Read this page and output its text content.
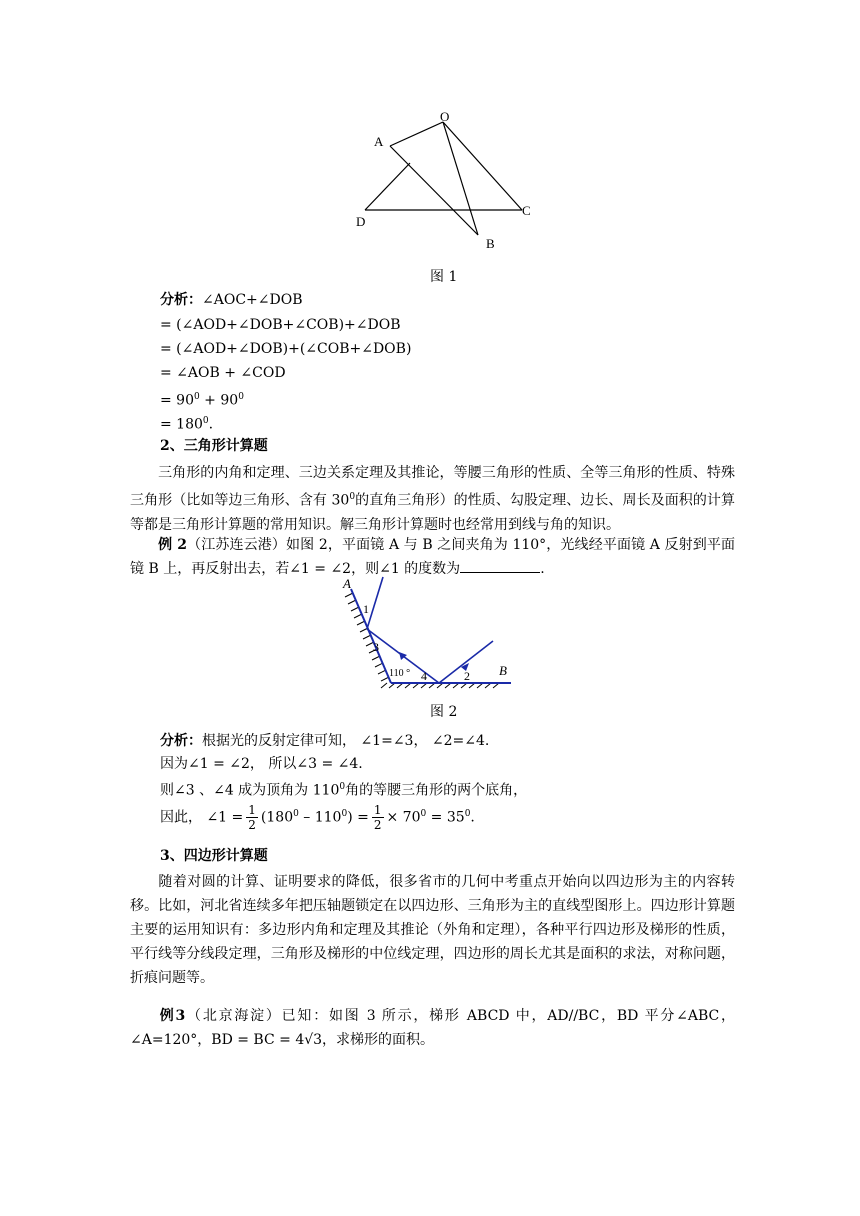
O
A
D
C
B
图 1
分析：∠AOC+∠DOB
= (∠AOD+∠DOB+∠COB)+∠DOB
= (∠AOD+∠DOB)+(∠COB+∠DOB)
= ∠AOB + ∠COD
= $90^0 + 90^0$
= $180^0$.
2、三角形计算题
三角形的内角和定理、三边关系定理及其推论，等腰三角形的性质、全等三角形的性质、特殊三角形（比如等边三角形、含有 $30^0$的直角三角形）的性质、勾股定理、边长、周长及面积的计算等都是三角形计算题的常用知识。解三角形计算题时也经常用到线与角的知识。
例 2（江苏连云港）如图 2，平面镜 A 与 B 之间夹角为 110°，光线经平面镜 A 反射到平面镜 B 上，再反射出去，若∠1 = ∠2，则∠1 的度数为	.
A
B
1
3
4	2
110 °
图 2
分析：根据光的反射定律可知， ∠1=∠3， ∠2=∠4.
因为∠1 = ∠2， 所以∠3 = ∠4.
则∠3 、∠4 成为顶角为 $110^0$角的等腰三角形的两个底角，
因此， ∠1 = $\frac{1}{2} (180^0 - 110^0) = \frac{1}{2} \times 70^0 = 35^0$.
3、四边形计算题
随着对圆的计算、证明要求的降低，很多省市的几何中考重点开始向以四边形为主的内容转移。比如，河北省连续多年把压轴题锁定在以四边形、三角形为主的直线型图形上。四边形计算题主要的运用知识有：多边形内角和定理及其推论（外角和定理），各种平行四边形及梯形的性质，平行线等分线段定理，三角形及梯形的中位线定理，四边形的周长尤其是面积的求法，对称问题，折痕问题等。
例3（北京海淀）已知：如图 3 所示，梯形 ABCD 中，AD//BC，BD 平分∠ABC，∠A=120°，BD = BC = 4√3，求梯形的面积。
